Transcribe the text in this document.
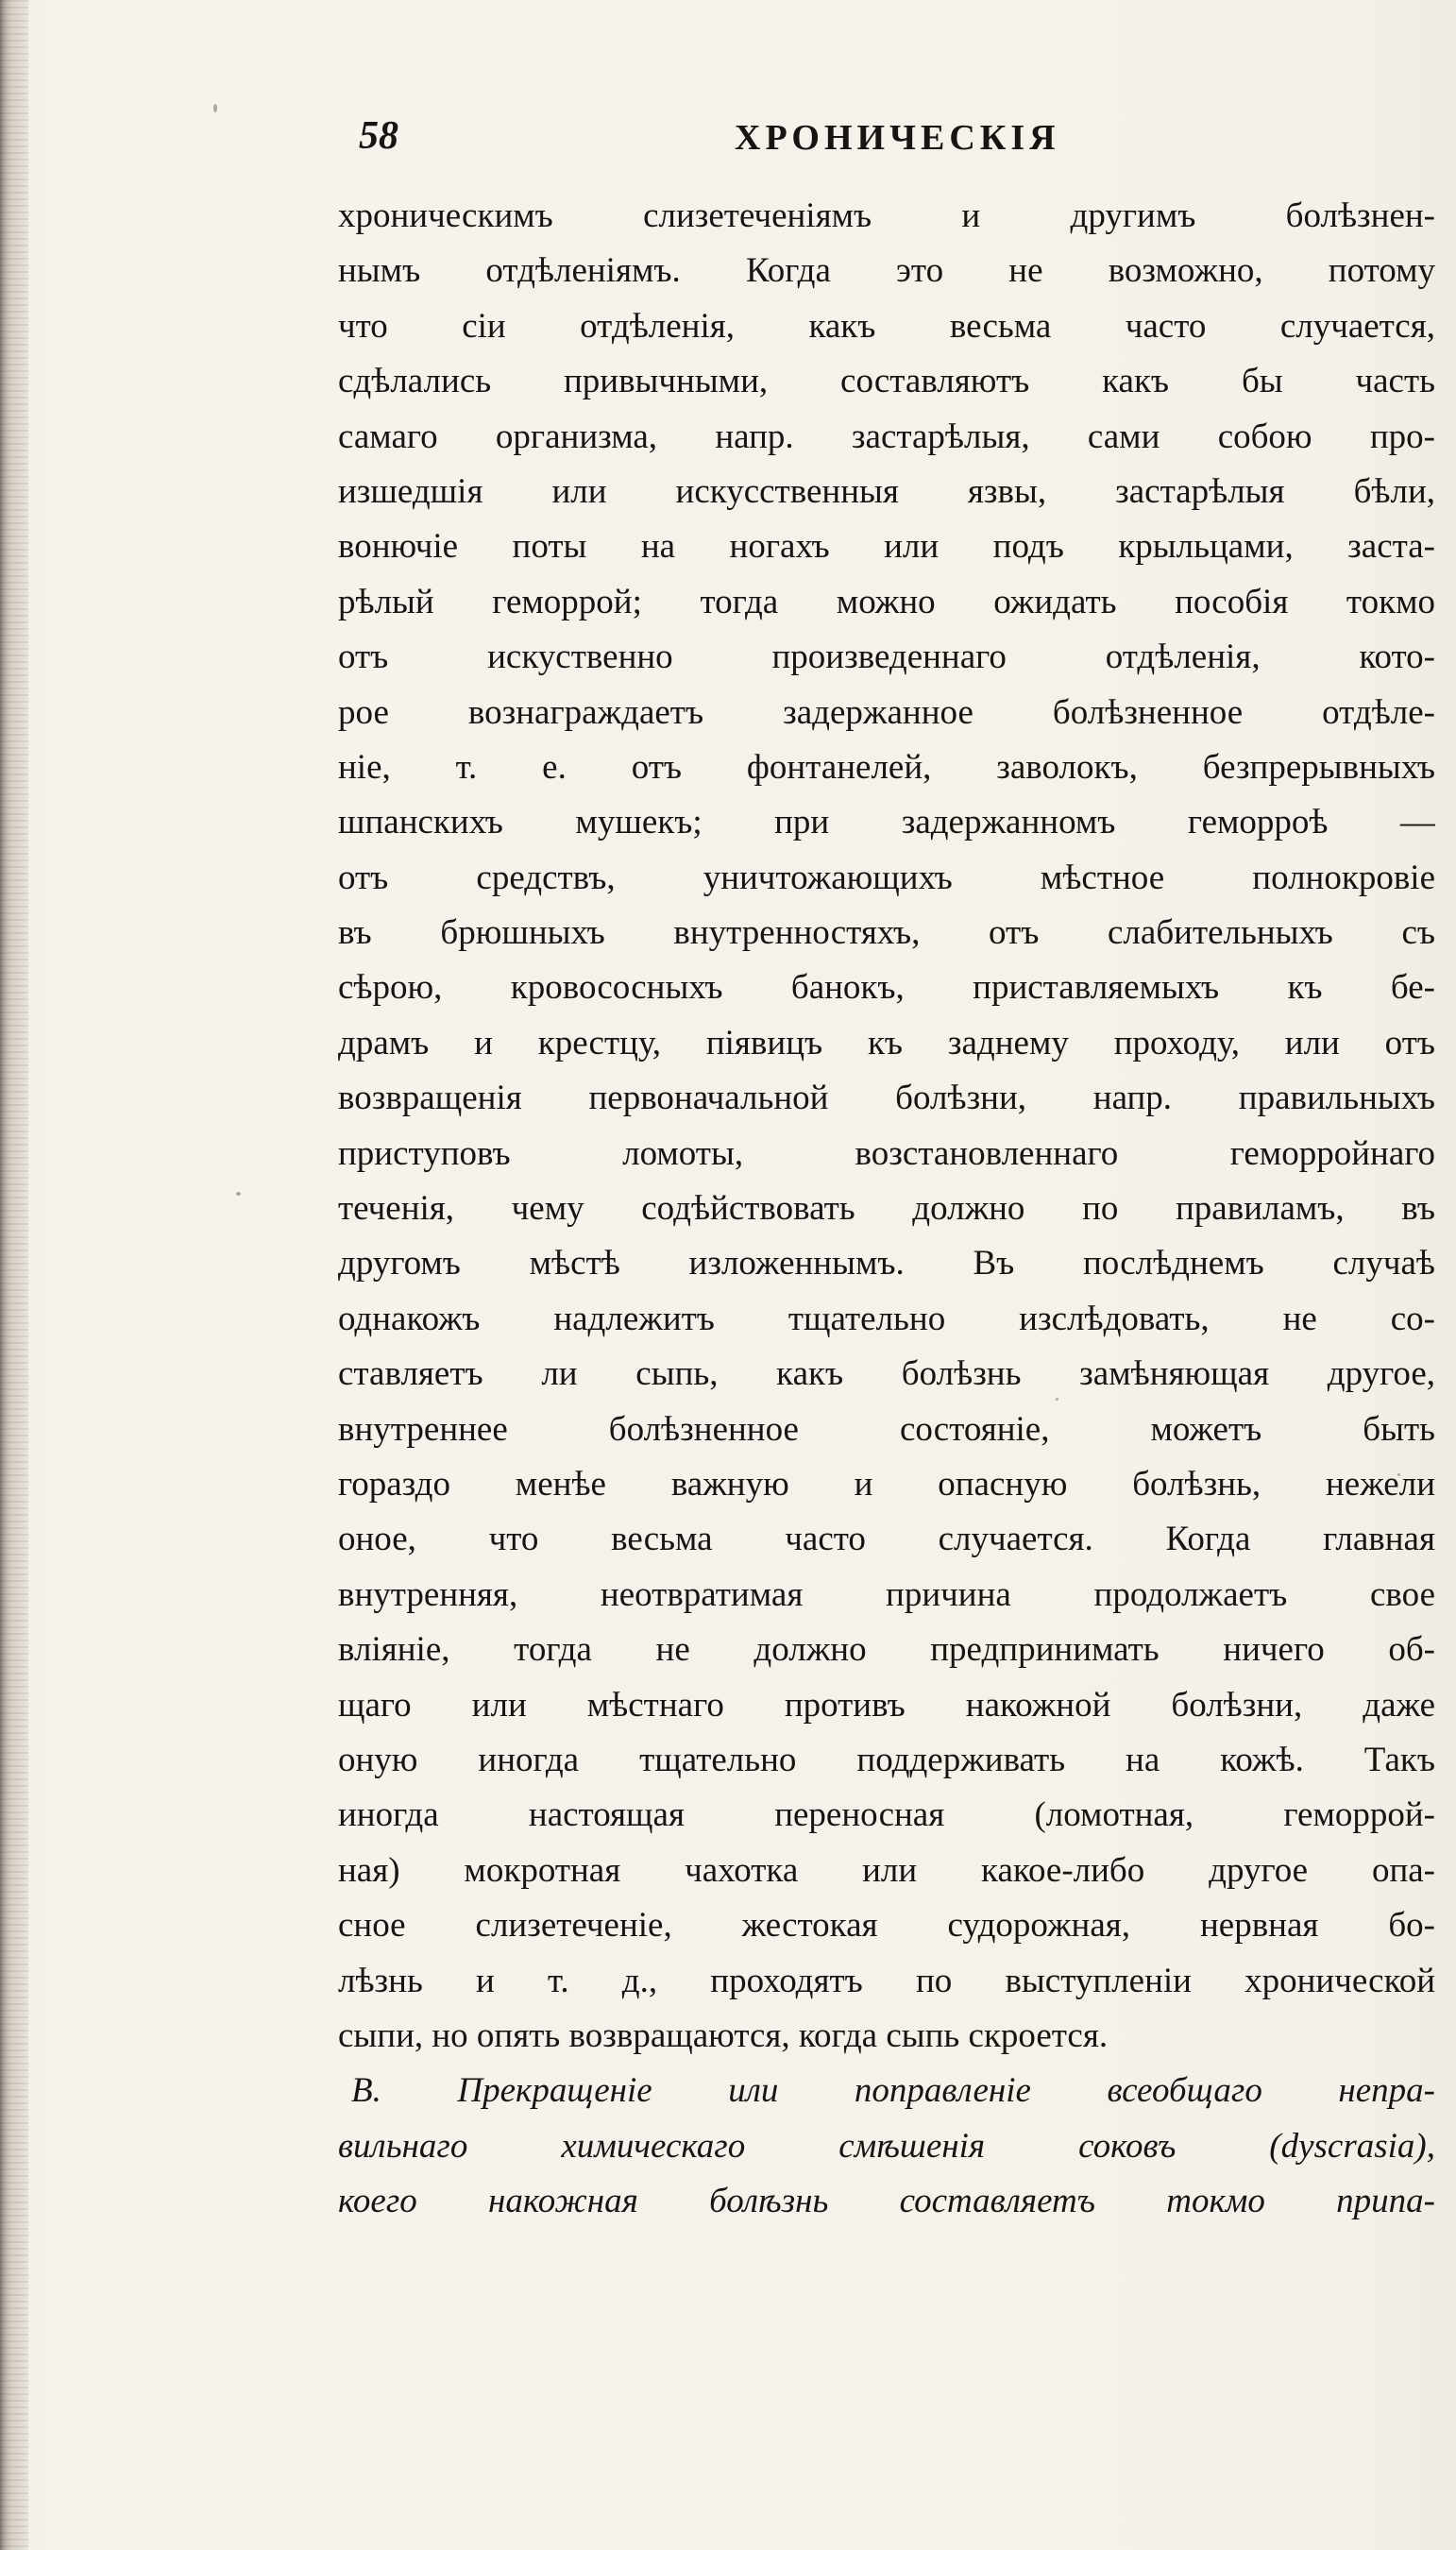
58	ХРОНИЧЕСКІЯ
хроническимъ слизетеченіямъ и другимъ болѣзнен-
нымъ отдѣленіямъ. Когда это не возможно, потому
что сіи отдѣленія, какъ весьма часто случается,
сдѣлались привычными, составляютъ какъ бы часть
самаго организма, напр. застарѣлыя, сами собою про-
изшедшія или искусственныя язвы, застарѣлыя бѣли,
вонючіе поты на ногахъ или подъ крыльцами, заста-
рѣлый геморрой; тогда можно ожидать пособія токмо
отъ искуственно произведеннаго отдѣленія, кото-
рое вознаграждаетъ задержанное болѣзненное отдѣле-
ніе, т. е. отъ фонтанелей, заволокъ, безпрерывныхъ
шпанскихъ мушекъ; при задержанномъ геморроѣ —
отъ средствъ, уничтожающихъ мѣстное полнокровіе
въ брюшныхъ внутренностяхъ, отъ слабительныхъ съ
сѣрою, кровососныхъ банокъ, приставляемыхъ къ бе-
драмъ и крестцу, піявицъ къ заднему проходу, или отъ
возвращенія первоначальной болѣзни, напр. правильныхъ
приступовъ ломоты, возстановленнаго геморройнаго
теченія, чему содѣйствовать должно по правиламъ, въ
другомъ мѣстѣ изложеннымъ. Въ послѣднемъ случаѣ
однакожъ надлежитъ тщательно изслѣдовать, не со-
ставляетъ ли сыпь, какъ болѣзнь замѣняющая другое,
внутреннее болѣзненное состояніе, можетъ быть
гораздо менѣе важную и опасную болѣзнь, нежели
оное, что весьма часто случается. Когда главная
внутренняя, неотвратимая причина продолжаетъ свое
вліяніе, тогда не должно предпринимать ничего об-
щаго или мѣстнаго противъ накожной болѣзни, даже
оную иногда тщательно поддерживать на кожѣ. Такъ
иногда настоящая переносная (ломотная, геморрой-
ная) мокротная чахотка или какое-либо другое опа-
сное слизетеченіе, жестокая судорожная, нервная бо-
лѣзнь и т. д., проходятъ по выступленіи хронической
сыпи, но опять возвращаются, когда сыпь скроется.
B. Прекращеніе или поправленіе всеобщаго непра-
вильнаго химическаго смѣшенія соковъ (dyscrasia),
коего накожная болѣзнь составляетъ токмо припа-
